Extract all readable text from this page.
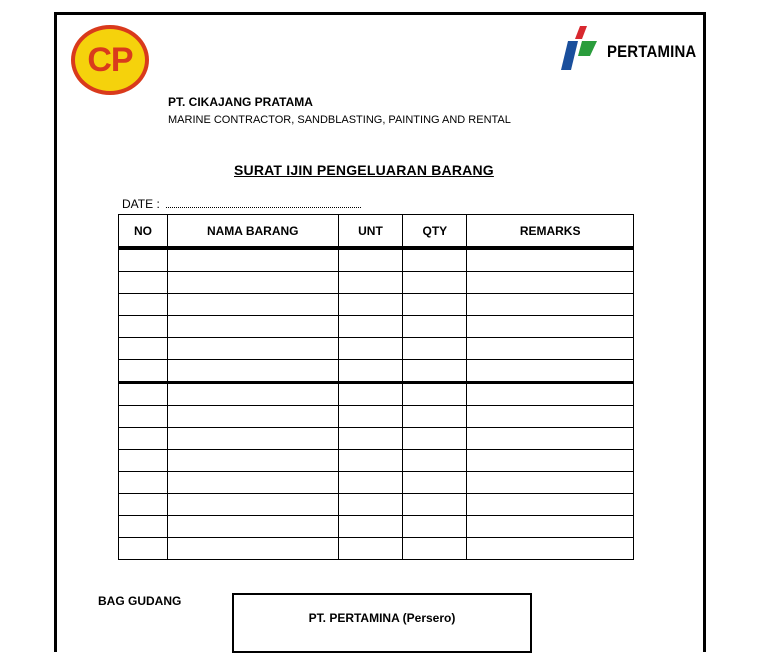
CP	PERTAMINA
PT. CIKAJANG PRATAMA
MARINE CONTRACTOR, SANDBLASTING, PAINTING AND RENTAL
SURAT IJIN PENGELUARAN BARANG
DATE :
NO	NAMA BARANG	UNT	QTY	REMARKS

BAG GUDANG
PT. PERTAMINA (Persero)
